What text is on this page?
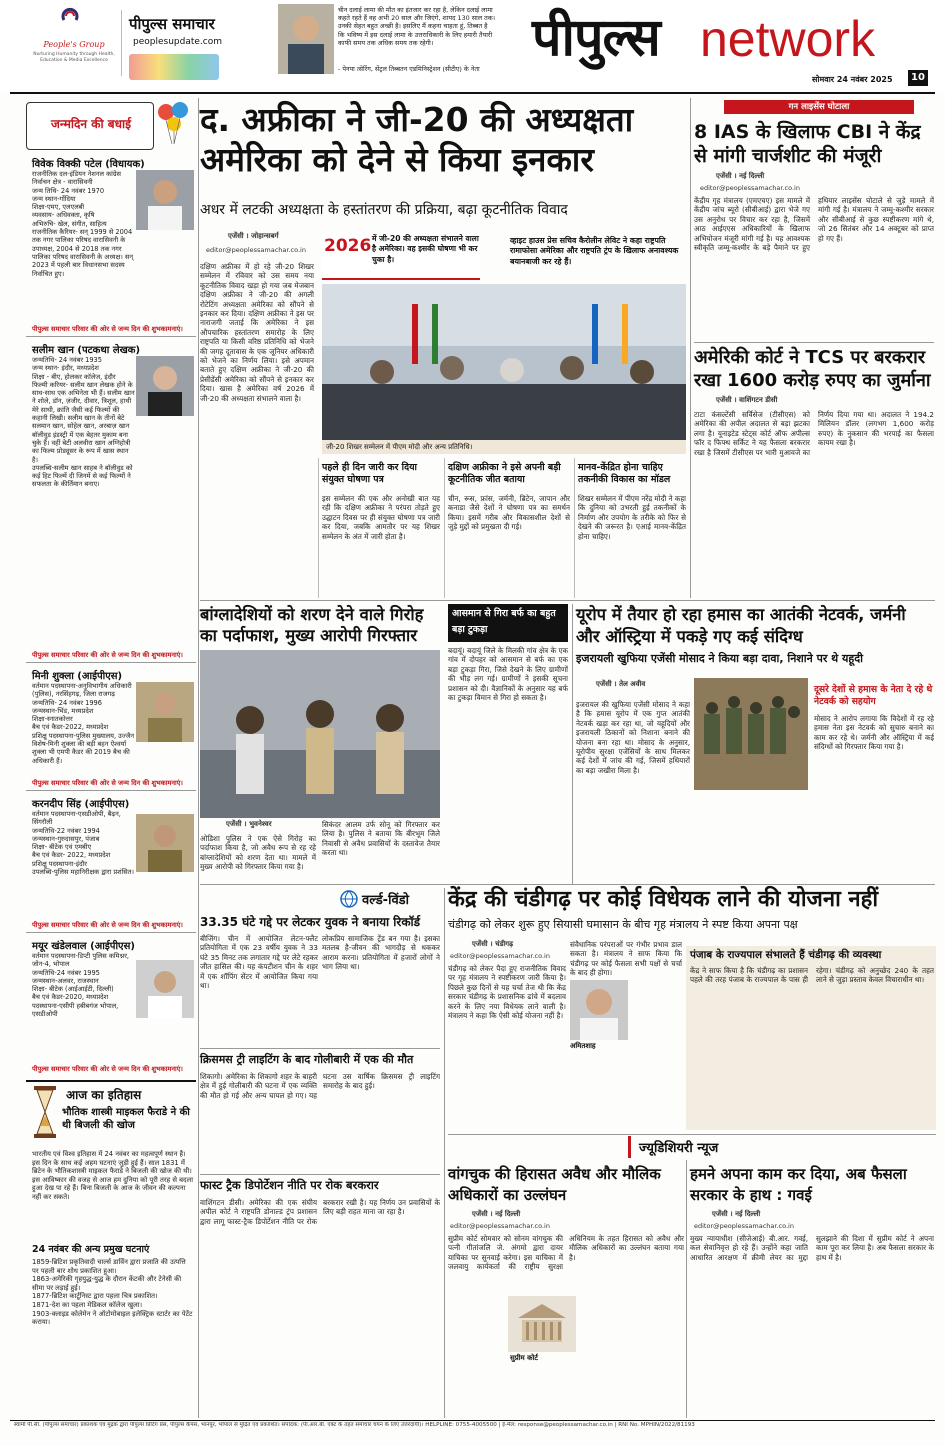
People's Group
Nurturing Humanity through Health, Education & Media Excellence
पीपुल्स समाचार
peoplesupdate.com
चीन दलाई लामा की मौत का इंतजार कर रहा है, लेकिन दलाई लामा कहते रहते हैं वह अभी 20 साल और जिएंगे, शायद 130 साल तक। उनकी सेहत बहुत अच्छी है। इसलिए मैं कहना चाहता हूं, तिब्बत है कि भविष्य में इस दलाई लामा के उत्तराधिकारी के लिए हमारी तैयारी काफी समय तक अधिक समय तक रहेगी।
- पेनपा त्सेरिंग, सेंट्रल तिब्बतन एडमिनिस्ट्रेशन (सीटीए) के नेता
पीपुल्स network
सोमवार 24 नवंबर 2025	10
जन्मदिन की बधाई
विवेक विक्की पटेल (विधायक)
राजनीतिक दल-इंडियन नेशनल कांग्रेस
निर्वाचन क्षेत्र - वारासिवनी
जन्म तिथि- 24 नवंबर 1970
जन्म स्थान-गोंदिया
शिक्षा-एमए, एलएलबी
व्यवसाय- अधिवक्ता, कृषि
अभिरुचि- खेल, संगीत, साहित्य
राजनीतिक कैरियर- सन् 1999 से 2004 तक नगर पालिका परिषद वारासिवनी के उपाध्यक्ष, 2004 से 2018 तक नगर पालिका परिषद वारासिवनी के अध्यक्ष। सन् 2023 में पहली बार विधानसभा सदस्य निर्वाचित हुए।
पीपुल्स समाचार परिवार की ओर से जन्म दिन की शुभकामनाएं।
सलीम खान (पटकथा लेखक)
जन्मतिथि- 24 नवंबर 1935
जन्म स्थान- इंदौर, मध्यप्रदेश
शिक्षा - बीए, होलकर कॉलेज, इंदौर
फिल्मी करियर- सलीम खान लेखक होने के साथ-साथ एक अभिनेता भी हैं। सलीम खान ने शोले, डॉन, ज़ंजीर, दीवार, त्रिशूल, हाथी मेरे साथी, क्रांति जैसी कई फिल्मों की कहानी लिखी। सलीम खान के तीनों बेटे सलमान खान, सोहेल खान, अरबाज़ खान बॉलीवुड इंडस्ट्री में एक बेहतर मुकाम बना चुके हैं। वहीं बेटी अलवीरा खान अग्निहोत्री का फिल्म प्रोड्यूसर के रूप में खास स्थान है।
उपलब्धि-सलीम खान साहब ने बॉलीवुड को कई हिट फिल्में दी जिनमें से कई फिल्मों ने सफलता के कीर्तिमान बनाए।
पीपुल्स समाचार परिवार की ओर से जन्म दिन की शुभकामनाएं।
मिनी शुक्ला (आईपीएस)
वर्तमान पदस्थापना-अनुविभागीय अधिकारी (पुलिस), नरसिंहगढ़, जिला राजगढ़
जन्मतिथि- 24 नवंबर 1996
जन्मस्थान-भिंड, मध्यप्रदेश
शिक्षा-स्नातकोत्तर
बैच एवं कैडर-2022, मध्यप्रदेश
प्रशिक्षु पदस्थापना-पुलिस मुख्यालय, उज्जैन
विशेष-मिनी शुक्ला की बड़ी बहन ऐश्वर्या शुक्ला भी एमपी कैडर की 2019 बैच की अधिकारी हैं।
पीपुल्स समाचार परिवार की ओर से जन्म दिन की शुभकामनाएं।
करनदीप सिंह (आईपीएस)
वर्तमान पदस्थापना-एसडीओपी, बैढ़न, सिंगरौली
जन्मतिथि-22 नवंबर 1994
जन्मस्थान-गुरुदासपुर, पंजाब
शिक्षा- बीटेक एवं एमबीए
बैच एवं कैडर- 2022, मध्यप्रदेश
प्रशिक्षु पदस्थापना-इंदौर
उपलब्धि-पुलिस महानिरीक्षक द्वारा प्रशंसित।
पीपुल्स समाचार परिवार की ओर से जन्म दिन की शुभकामनाएं।
मयूर खंडेलवाल (आईपीएस)
वर्तमान पदस्थापना-डिप्टी पुलिस कमिश्नर, जोन-4, भोपाल
जन्मतिथि-24 नवंबर 1995
जन्मस्थान-अलवर, राजस्थान
शिक्षा- बीटेक (आईआईटी, दिल्ली)
बैच एवं कैडर-2020, मध्यप्रदेश
पदस्थापना-एसीपी हबीबगंज भोपाल, एसडीओपी
पीपुल्स समाचार परिवार की ओर से जन्म दिन की शुभकामनाएं।
आज का इतिहास
भौतिक शास्त्री माइकल फैराडे ने की थी बिजली की खोज
भारतीय एवं विश्व इतिहास में 24 नवंबर का महत्वपूर्ण स्थान है। इस दिन के साथ कई अहम घटनाएं जुड़ी हुई हैं। साल 1831 में ब्रिटेन के भौतिकशास्त्री माइकल फैराडे ने बिजली की खोज की थी। इस आविष्कार की वजह से आज हम दुनिया को पूरी तरह से बदला हुआ देख पा रहे हैं। बिना बिजली के आज के जीवन की कल्पना नहीं कर सकते।
24 नवंबर की अन्य प्रमुख घटनाएं
1859-ब्रिटिश प्रकृतिवादी चार्ल्स डार्विन द्वारा प्रजाति की उत्पत्ति पर पहली बार शोध प्रकाशित हुआ।
1863-अमेरिकी गृहयुद्ध-युद्ध के दौरान केंटकी और टेनेसी की सीमा पर लड़ाई हुई।
1877-ब्रिटिश कार्टूनिस्ट द्वारा पहला चित्र प्रकाशित।
1871-देश का पहला मेडिकल कॉलेज खुला।
1903-क्लाइड कोलेमेन ने ऑटोमोबाइल इलेक्ट्रिक स्टार्टर का पेटेंट कराया।
द. अफ्रीका ने जी-20 की अध्यक्षता अमेरिका को देने से किया इनकार
अधर में लटकी अध्यक्षता के हस्तांतरण की प्रक्रिया, बढ़ा कूटनीतिक विवाद
एजेंसी । जोहान्सबर्ग
editor@peoplessamachar.co.in
दक्षिण अफ्रीका में हो रहे जी-20 शिखर सम्मेलन में रविवार को उस समय नया कूटनीतिक विवाद खड़ा हो गया जब मेजबान दक्षिण अफ्रीका ने जी-20 की अगली रोटेटिंग अध्यक्षता अमेरिका को सौंपने से इनकार कर दिया। दक्षिण अफ्रीका ने इस पर नाराजगी जताई कि अमेरिका ने इस औपचारिक हस्तांतरण समारोह के लिए राष्ट्रपति या किसी वरिष्ठ प्रतिनिधि को भेजने की जगह दूतावास के एक जूनियर अधिकारी को भेजने का निर्णय लिया। इसे अपमान बताते हुए दक्षिण अफ्रीका ने जी-20 की प्रेसीडेंसी अमेरिका को सौंपने से इनकार कर दिया। खास है अमेरिका वर्ष 2026 में जी-20 की अध्यक्षता संभालने वाला है।
2026 में जी-20 की अध्यक्षता संभालने वाला है अमेरिका। वह इसकी घोषणा भी कर चुका है।
व्हाइट हाउस प्रेस सचिव कैरोलीन लेविट ने कहा राष्ट्रपति रामाफोसा अमेरिका और राष्ट्रपति ट्रंप के खिलाफ अनावश्यक बयानबाजी कर रहे हैं।
जी-20 शिखर सम्मेलन में पीएम मोदी और अन्य प्रतिनिधि।
पहले ही दिन जारी कर दिया संयुक्त घोषणा पत्र
इस सम्मेलन की एक और अनोखी बात यह रही कि दक्षिण अफ्रीका ने परंपरा तोड़ते हुए उद्घाटन दिवस पर ही संयुक्त घोषणा पत्र जारी कर दिया, जबकि आमतौर पर यह शिखर सम्मेलन के अंत में जारी होता है।
दक्षिण अफ्रीका ने इसे अपनी बड़ी कूटनीतिक जीत बताया
चीन, रूस, फ्रांस, जर्मनी, ब्रिटेन, जापान और कनाडा जैसे देशों ने घोषणा पत्र का समर्थन किया। इसमें गरीब और विकासशील देशों से जुड़े मुद्दों को प्रमुखता दी गई।
मानव-केंद्रित होना चाहिए तकनीकी विकास का मॉडल
शिखर सम्मेलन में पीएम नरेंद्र मोदी ने कहा कि दुनिया को उभरती हुई तकनीकों के निर्माण और उपयोग के तरीके को फिर से देखने की जरूरत है। एआई मानव-केंद्रित होना चाहिए।
गन लाइसेंस घोटाला
8 IAS के खिलाफ CBI ने केंद्र से मांगी चार्जशीट की मंजूरी
एजेंसी । नई दिल्ली
editor@peoplessamachar.co.in
केंद्रीय गृह मंत्रालय (एमएचए) इस मामले में केंद्रीय जांच ब्यूरो (सीबीआई) द्वारा भेजे गए उस अनुरोध पर विचार कर रहा है, जिसमें आठ आईएएस अधिकारियों के खिलाफ अभियोजन मंजूरी मांगी गई है। यह आवश्यक स्वीकृति जम्मू-कश्मीर के बड़े पैमाने पर हुए हथियार लाइसेंस घोटाले से जुड़े मामले में मांगी गई है। मंत्रालय ने जम्मू-कश्मीर सरकार और सीबीआई से कुछ स्पष्टीकरण मांगे थे, जो 26 सितंबर और 14 अक्टूबर को प्राप्त हो गए हैं।
अमेरिकी कोर्ट ने TCS पर बरकरार रखा 1600 करोड़ रुपए का जुर्माना
एजेंसी । वाशिंगटन डीसी
टाटा कंसल्टेंसी सर्विसेज (टीसीएस) को अमेरिका की अपील अदालत से बड़ा झटका लगा है। यूनाइटेड स्टेट्स कोर्ट ऑफ अपील्स फॉर द फिफ्थ सर्किट ने यह फैसला बरकरार रखा है जिसमें टीसीएस पर भारी मुआवजे का निर्णय दिया गया था। अदालत ने 194.2 मिलियन डॉलर (लगभग 1,600 करोड़ रुपए) के नुकसान की भरपाई का फैसला कायम रखा है।
बांग्लादेशियों को शरण देने वाले गिरोह का पर्दाफाश, मुख्य आरोपी गिरफ्तार
एजेंसी । भुवनेश्वर
ओडिशा पुलिस ने एक ऐसे गिरोह का पर्दाफाश किया है, जो अवैध रूप से रह रहे बांग्लादेशियों को शरण देता था। मामले में मुख्य आरोपी को गिरफ्तार किया गया है।
सिकंदर आलम उर्फ सोनू को गिरफ्तार कर लिया है। पुलिस ने बताया कि बीरभूम जिले निवासी से अवैध प्रवासियों के दस्तावेज तैयार करता था।
आसमान से गिरा बर्फ का बहुत बड़ा टुकड़ा
बदायूं। बदायूं जिले के मिलकी गांव क्षेत्र के एक गांव में दोपहर को आसमान से बर्फ का एक बड़ा टुकड़ा गिरा, जिसे देखने के लिए ग्रामीणों की भीड़ लग गई। ग्रामीणों ने इसकी सूचना प्रशासन को दी। वैज्ञानिकों के अनुसार यह बर्फ का टुकड़ा विमान से गिरा हो सकता है।
यूरोप में तैयार हो रहा हमास का आतंकी नेटवर्क, जर्मनी और ऑस्ट्रिया में पकड़े गए कई संदिग्ध
इजरायली खुफिया एजेंसी मोसाद ने किया बड़ा दावा, निशाने पर थे यहूदी
एजेंसी । तेल अवीव
इजरायल की खुफिया एजेंसी मोसाद ने कहा है कि हमास यूरोप में एक गुप्त आतंकी नेटवर्क खड़ा कर रहा था, जो यहूदियों और इजरायली ठिकानों को निशाना बनाने की योजना बना रहा था। मोसाद के अनुसार, यूरोपीय सुरक्षा एजेंसियों के साथ मिलकर कई देशों में जांच की गई, जिसमें हथियारों का बड़ा जखीरा मिला है।
दूसरे देशों से हमास के नेता दे रहे थे नेटवर्क को सहयोग
मोसाद ने आरोप लगाया कि विदेशों में रह रहे हमास नेता इस नेटवर्क को सुचारु बनाने का काम कर रहे थे। जर्मनी और ऑस्ट्रिया में कई संदिग्धों को गिरफ्तार किया गया है।
वर्ल्ड-विंडो
33.35 घंटे गद्दे पर लेटकर युवक ने बनाया रिकॉर्ड
बीजिंग। चीन में आयोजित लेटन-फ्लैट प्रतियोगिता में एक 23 वर्षीय युवक ने 33 घंटे 35 मिनट तक लगातार गद्दे पर लेटे रहकर जीत हासिल की। यह कंपटीशन चीन के शहर में एक शॉपिंग सेंटर में आयोजित किया गया था।
लोकप्रिय सामाजिक ट्रेंड बन गया है। इसका मतलब है-जीवन की भागदौड़ से थककर आराम करना। प्रतियोगिता में हजारों लोगों ने भाग लिया था।
क्रिसमस ट्री लाइटिंग के बाद गोलीबारी में एक की मौत
शिकागो। अमेरिका के शिकागो शहर के बाहरी क्षेत्र में हुई गोलीबारी की घटना में एक व्यक्ति की मौत हो गई और अन्य घायल हो गए। यह घटना उस वार्षिक क्रिसमस ट्री लाइटिंग समारोह के बाद हुई।
फास्ट ट्रैक डिपोर्टेशन नीति पर रोक बरकरार
वाशिंगटन डीसी। अमेरिका की एक संघीय अपील कोर्ट ने राष्ट्रपति डोनाल्ड ट्रंप प्रशासन द्वारा लागू फास्ट-ट्रैक डिपोर्टेशन नीति पर रोक बरकरार रखी है। यह निर्णय उन प्रवासियों के लिए बड़ी राहत माना जा रहा है।
केंद्र की चंडीगढ़ पर कोई विधेयक लाने की योजना नहीं
चंडीगढ़ को लेकर शुरू हुए सियासी घमासान के बीच गृह मंत्रालय ने स्पष्ट किया अपना पक्ष
एजेंसी । चंडीगढ़
editor@peoplessamachar.co.in
चंडीगढ़ को लेकर पैदा हुए राजनीतिक विवाद पर गृह मंत्रालय ने स्पष्टीकरण जारी किया है। पिछले कुछ दिनों से यह चर्चा तेज थी कि केंद्र सरकार चंडीगढ़ के प्रशासनिक ढांचे में बदलाव करने के लिए नया विधेयक लाने वाली है। मंत्रालय ने कहा कि ऐसी कोई योजना नहीं है।
संवैधानिक परंपराओं पर गंभीर प्रभाव डाल सकता है। मंत्रालय ने साफ किया कि चंडीगढ़ पर कोई फैसला सभी पक्षों से चर्चा के बाद ही होगा।
अमितशाह
पंजाब के राज्यपाल संभालते हैं चंडीगढ़ की व्यवस्था
केंद्र ने साफ किया है कि चंडीगढ़ का प्रशासन पहले की तरह पंजाब के राज्यपाल के पास ही रहेगा। चंडीगढ़ को अनुच्छेद 240 के तहत लाने से जुड़ा प्रस्ताव केवल विचाराधीन था।
ज्यूडिशियरी न्यूज
वांगचुक की हिरासत अवैध और मौलिक अधिकारों का उल्लंघन
एजेंसी । नई दिल्ली
editor@peoplessamachar.co.in
सुप्रीम कोर्ट सोमवार को सोनम वांगचुक की पत्नी गीतांजलि जे. अंगमो द्वारा दायर याचिका पर सुनवाई करेगा। इस याचिका में जलवायु कार्यकर्ता की राष्ट्रीय सुरक्षा अधिनियम के तहत हिरासत को अवैध और मौलिक अधिकारों का उल्लंघन बताया गया है।
सुप्रीम कोर्ट
हमने अपना काम कर दिया, अब फैसला सरकार के हाथ : गवई
एजेंसी । नई दिल्ली
editor@peoplessamachar.co.in
मुख्य न्यायाधीश (सीजेआई) बी.आर. गवई, कल सेवानिवृत्त हो रहे हैं। उन्होंने कहा जाति आधारित आरक्षण में क्रीमी लेयर का मुद्दा सुलझाने की दिशा में सुप्रीम कोर्ट ने अपना काम पूरा कर लिया है। अब फैसला सरकार के हाथ में है।
स्वामी पी.सी. (पीपुल्स समाचार) प्रकाशक एवं मुद्रक द्वारा पीपुल्स प्रिंटिंग प्रेस, पीपुल्स कैंपस, भानपुर, भोपाल से मुद्रित एवं प्रकाशित। संपादक: (पी.आर.बी. एक्ट के तहत समाचार चयन के लिए उत्तरदायी)। HELPLINE: 0755-4005500 | ई-मेल: response@peoplessamachar.co.in | RNI No. MPHIN/2022/81193
